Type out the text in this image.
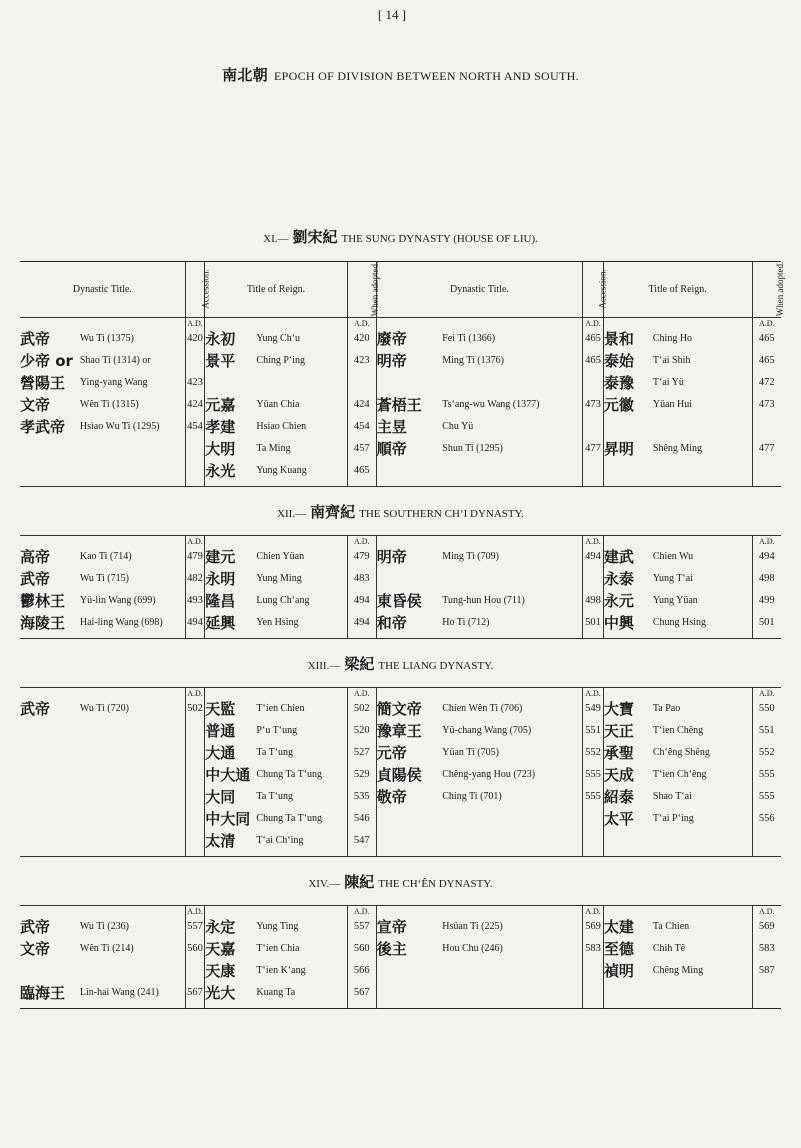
[ 14 ]
南北朝 EPOCH OF DIVISION BETWEEN NORTH AND SOUTH.
Dynastic Title.		Accession.	Title of Reign.		When adopted.	Dynastic Title.		Accession.	Title of Reign.		When adopted.
		A.D.			A.D.			A.D.			A.D.
武帝	Wu Ti (1375)	420	永初	Yung Chʻu	420	廢帝	Fei Ti (1366)	465	景和	Ching Ho	465
少帝 or	Shao Ti (1314) or		景平	Ching Pʻing	423	明帝	Ming Ti (1376)	465	泰始	Tʻai Shih	465
營陽王	Ying-yang Wang	423							泰豫	Tʻai Yü	472
文帝	Wên Ti (1315)	424	元嘉	Yüan Chia	424	蒼梧王	Tsʻang-wu Wang (1377)	473	元徽	Yüan Hui	473
孝武帝	Hsiao Wu Ti (1295)	454	孝建	Hsiao Chien	454	主昱	Chu Yü				
			大明	Ta Ming	457	順帝	Shun Ti (1295)	477	昇明	Shêng Ming	477
			永光	Yung Kuang	465						

XII.— 南齊紀 THE SOUTHERN CHʻI DYNASTY.											
		A.D.			A.D.			A.D.			A.D.
高帝	Kao Ti (714)	479	建元	Chien Yüan	479	明帝	Ming Ti (709)	494	建武	Chien Wu	494
武帝	Wu Ti (715)	482	永明	Yung Ming	483				永泰	Yung Tʻai	498
鬱林王	Yü-lin Wang (699)	493	隆昌	Lung Chʻang	494	東昏侯	Tung-hun Hou (711)	498	永元	Yung Yüan	499
海陵王	Hai-ling Wang (698)	494	延興	Yen Hsing	494	和帝	Ho Ti (712)	501	中興	Chung Hsing	501

XIII.— 梁紀 THE LIANG DYNASTY.											
		A.D.			A.D.			A.D.			A.D.
武帝	Wu Ti (720)	502	天監	Tʻien Chien	502	簡文帝	Chien Wên Ti (706)	549	大寶	Ta Pao	550
			普通	Pʻu Tʻung	520	豫章王	Yü-chang Wang (705)	551	天正	Tʻien Chêng	551
			大通	Ta Tʻung	527	元帝	Yüan Ti (705)	552	承聖	Chʻêng Shêng	552
			中大通	Chung Ta Tʻung	529	貞陽侯	Chêng-yang Hou (723)	555	天成	Tʻien Chʻêng	555
			大同	Ta Tʻung	535	敬帝	Ching Ti (701)	555	紹泰	Shao Tʻai	555
			中大同	Chung Ta Tʻung	546				太平	Tʻai Pʻing	556
			太清	Tʻai Chʻing	547						

XIV.— 陳紀 THE CHʻÊN DYNASTY.											
		A.D.			A.D.			A.D.			A.D.
武帝	Wu Ti (236)	557	永定	Yung Ting	557	宣帝	Hsüan Ti (225)	569	太建	Ta Chien	569
文帝	Wên Ti (214)	560	天嘉	Tʻien Chia	560	後主	Hou Chu (246)	583	至德	Chih Tê	583
			天康	Tʻien Kʻang	566				禎明	Chêng Ming	587
臨海王	Lin-hai Wang (241)	567	光大	Kuang Ta	567						

XI.— 劉宋紀 THE SUNG DYNASTY (HOUSE OF LIU).
